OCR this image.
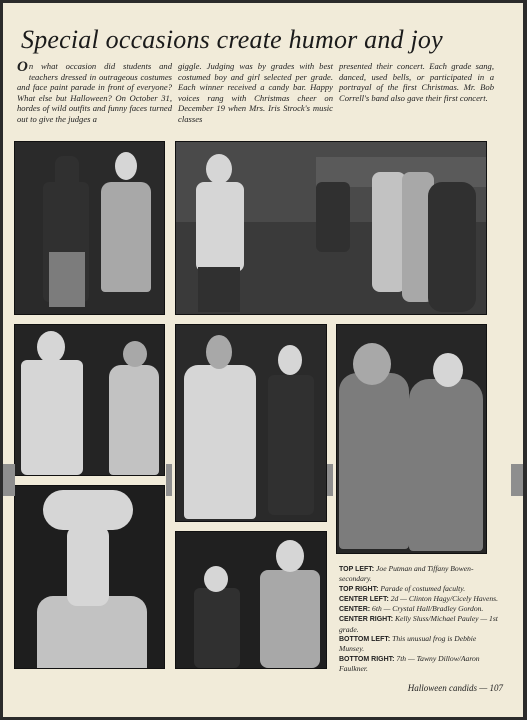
Special occasions create humor and joy
On what occasion did students and teachers dressed in outrageous costumes and face paint parade in front of everyone? What else but Halloween? On October 31, hordes of wild outfits and funny faces turned out to give the judges a
giggle. Judging was by grades with best costumed boy and girl selected per grade. Each winner received a candy bar. Happy voices rang with Christmas cheer on December 19 when Mrs. Iris Strock's music classes
presented their concert. Each grade sang, danced, used bells, or participated in a portrayal of the first Christmas. Mr. Bob Correll's band also gave their first concert.
TOP LEFT: Joe Putman and Tiffany Bowen-secondary.
TOP RIGHT: Parade of costumed faculty.
CENTER LEFT: 2d — Clinton Hagy/Cicely Havens.
CENTER: 6th — Crystal Hall/Bradley Gordon.
CENTER RIGHT: Kelly Sluss/Michael Pauley — 1st grade.
BOTTOM LEFT: This unusual frog is Debbie Munsey.
BOTTOM RIGHT: 7th — Tawny Dillow/Aaron Faulkner.
Halloween candids — 107
